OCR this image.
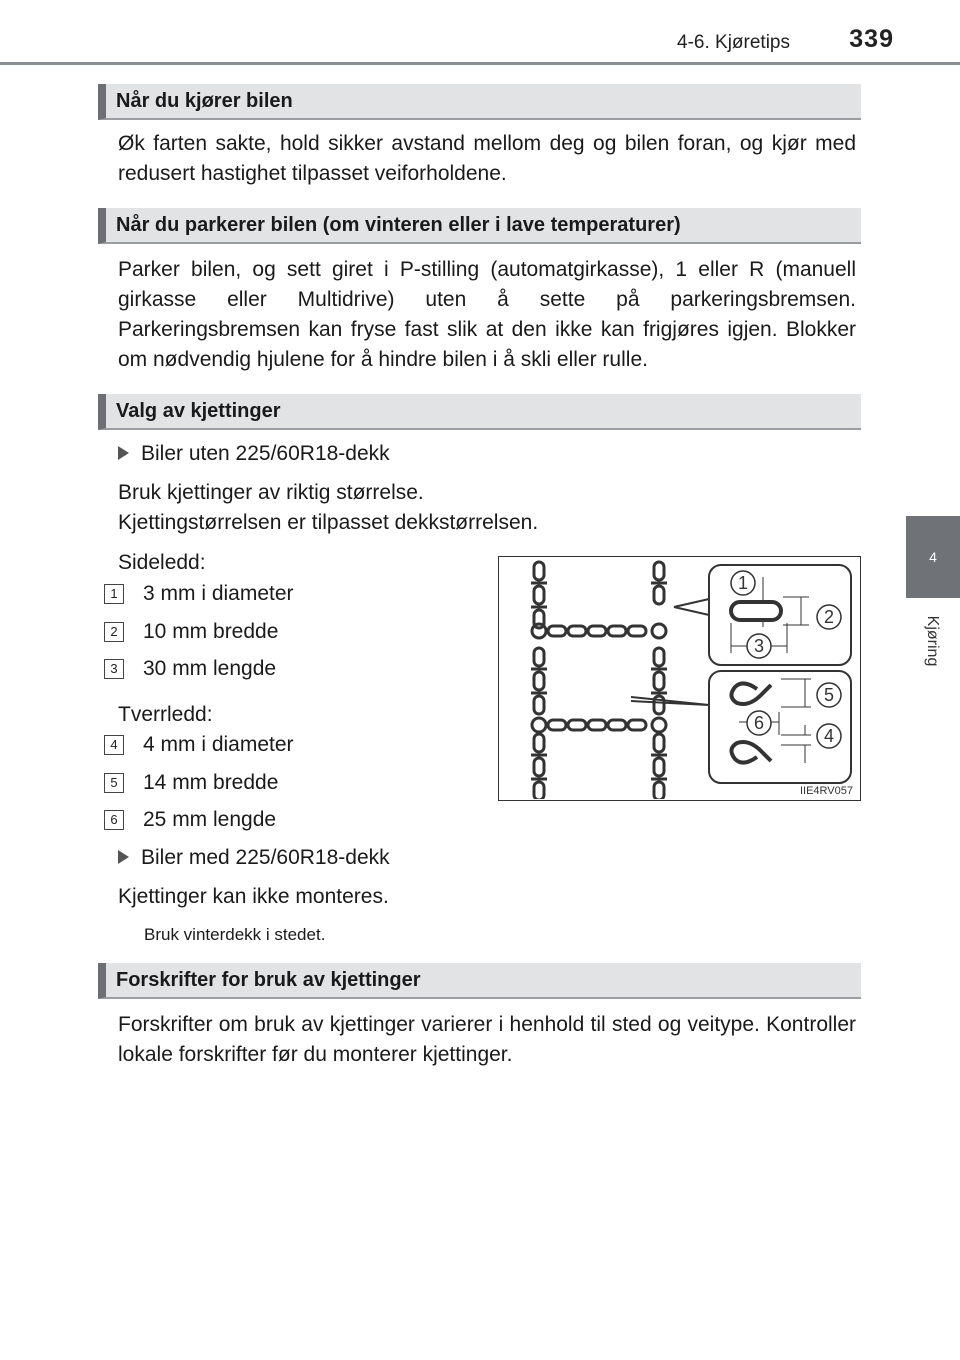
4-6. Kjøretips 339
4
Kjøring
Når du kjører bilen
Øk farten sakte, hold sikker avstand mellom deg og bilen foran, og kjør med redusert hastighet tilpasset veiforholdene.
Når du parkerer bilen (om vinteren eller i lave temperaturer)
Parker bilen, og sett giret i P-stilling (automatgirkasse), 1 eller R (manuell girkasse eller Multidrive) uten å sette på parkeringsbremsen. Parkeringsbremsen kan fryse fast slik at den ikke kan frigjøres igjen. Blokker om nødvendig hjulene for å hindre bilen i å skli eller rulle.
Valg av kjettinger
Biler uten 225/60R18-dekk
Bruk kjettinger av riktig størrelse.
Kjettingstørrelsen er tilpasset dekkstørrelsen.
Sideledd:
1	3 mm i diameter
2	10 mm bredde
3	30 mm lengde
Tverrledd:
4	4 mm i diameter
5	14 mm bredde
6	25 mm lengde
Biler med 225/60R18-dekk
Kjettinger kan ikke monteres.
Bruk vinterdekk i stedet.
1
2
3
5
6
4
IIE4RV057
Forskrifter for bruk av kjettinger
Forskrifter om bruk av kjettinger varierer i henhold til sted og veitype. Kontroller lokale forskrifter før du monterer kjettinger.
